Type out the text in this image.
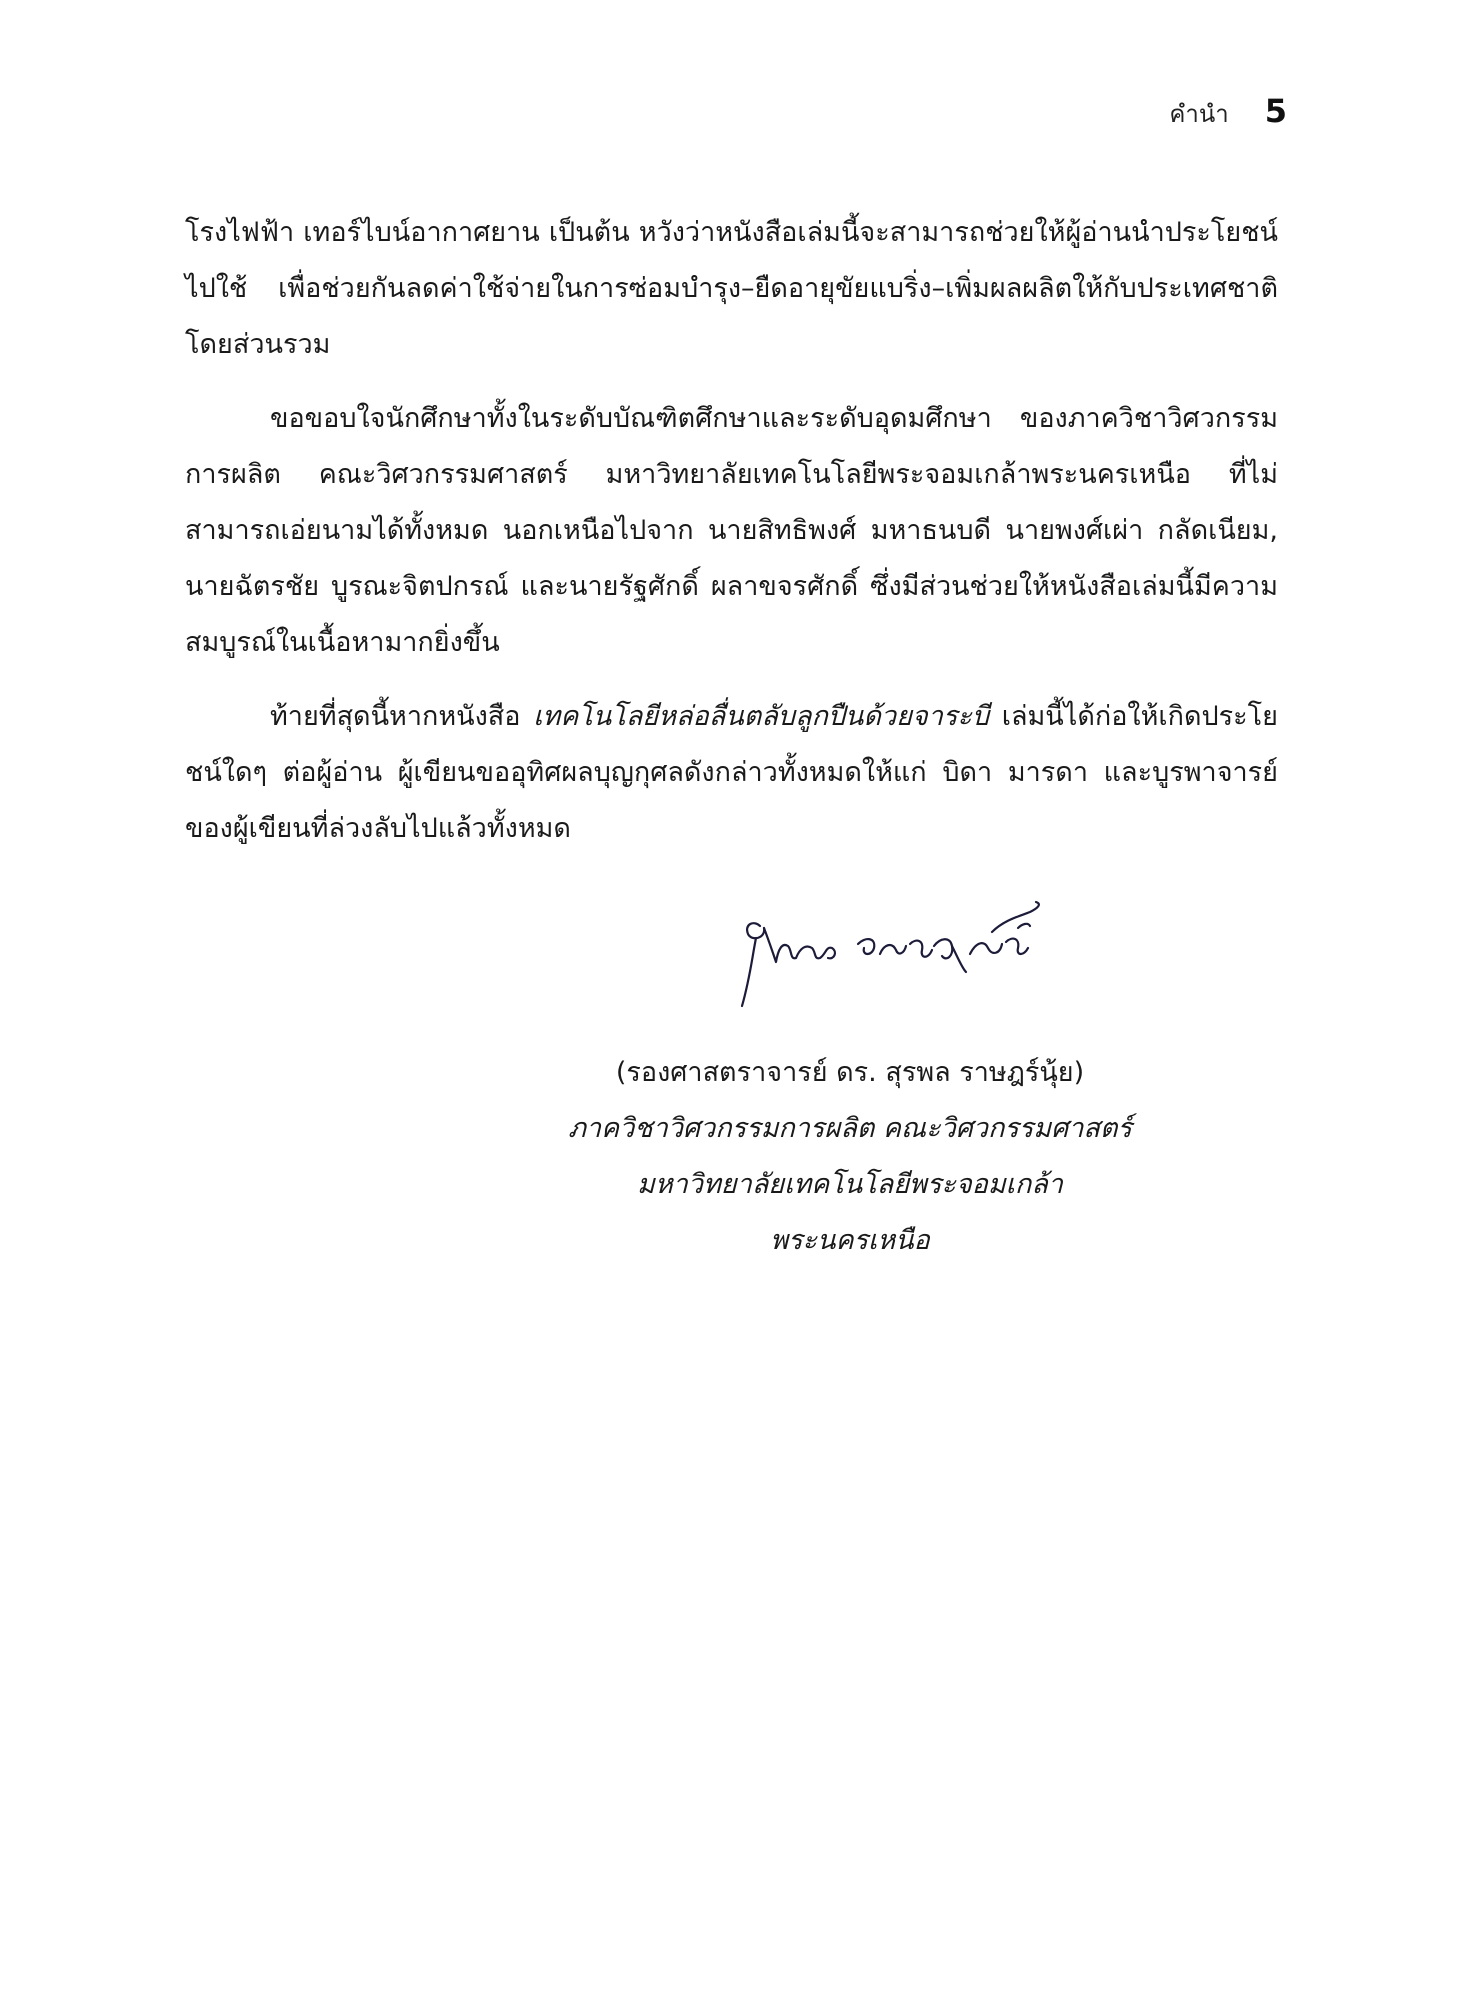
คำนำ 5

โรงไฟฟ้า เทอร์ไบน์อากาศยาน เป็นต้น หวังว่าหนังสือเล่มนี้จะสามารถช่วยให้ผู้อ่านนำประโยชน์ไปใช้ เพื่อช่วยกันลดค่าใช้จ่ายในการซ่อมบำรุง–ยืดอายุขัยแบริ่ง–เพิ่มผลผลิตให้กับประเทศชาติโดยส่วนรวม

ขอขอบใจนักศึกษาทั้งในระดับบัณฑิตศึกษาและระดับอุดมศึกษา ของภาควิชาวิศวกรรมการผลิต คณะวิศวกรรมศาสตร์ มหาวิทยาลัยเทคโนโลยีพระจอมเกล้าพระนครเหนือ ที่ไม่สามารถเอ่ยนามได้ทั้งหมด นอกเหนือไปจาก นายสิทธิพงศ์ มหาธนบดี นายพงศ์เผ่า กลัดเนียม, นายฉัตรชัย บูรณะจิตปกรณ์ และนายรัฐศักดิ์ ผลาขจรศักดิ์ ซึ่งมีส่วนช่วยให้หนังสือเล่มนี้มีความสมบูรณ์ในเนื้อหามากยิ่งขึ้น

ท้ายที่สุดนี้หากหนังสือ เทคโนโลยีหล่อลื่นตลับลูกปืนด้วยจาระบี เล่มนี้ได้ก่อให้เกิดประโยชน์ใดๆ ต่อผู้อ่าน ผู้เขียนขออุทิศผลบุญกุศลดังกล่าวทั้งหมดให้แก่ บิดา มารดา และบูรพาจารย์ ของผู้เขียนที่ล่วงลับไปแล้วทั้งหมด

(รองศาสตราจารย์ ดร. สุรพล ราษฎร์นุ้ย)
ภาควิชาวิศวกรรมการผลิต คณะวิศวกรรมศาสตร์
มหาวิทยาลัยเทคโนโลยีพระจอมเกล้าพระนครเหนือ
